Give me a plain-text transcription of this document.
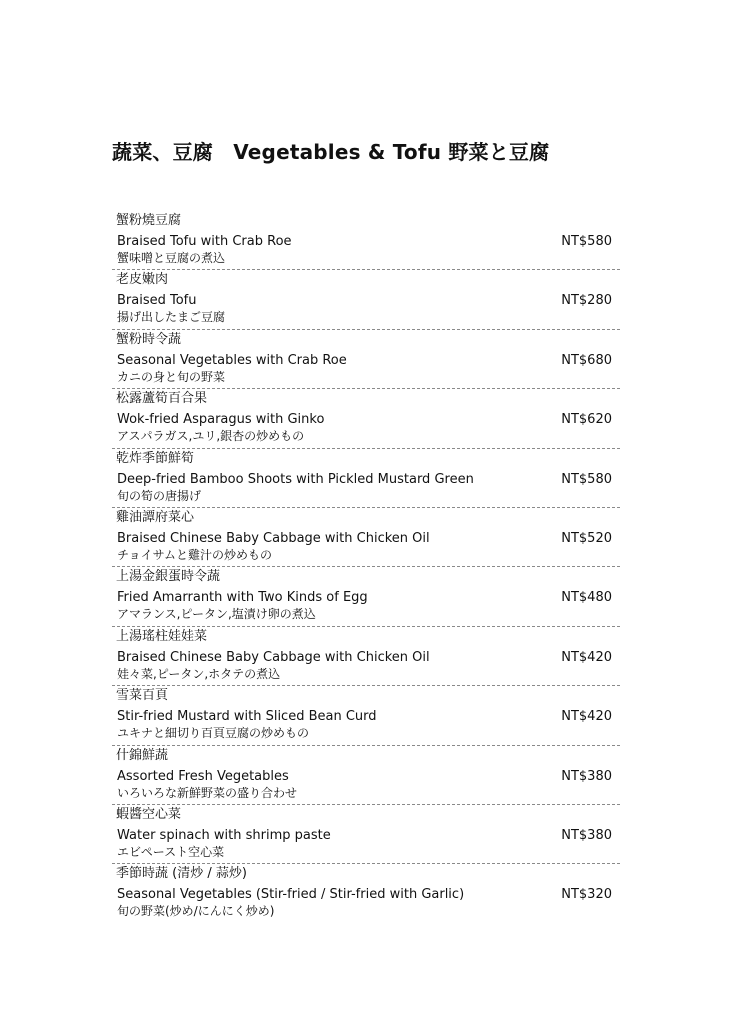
蔬菜、豆腐　Vegetables & Tofu 野菜と豆腐
蟹粉燒豆腐
Braised Tofu with Crab Roe	NT$580
蟹味噌と豆腐の煮込
老皮嫩肉
Braised Tofu	NT$280
揚げ出したまご豆腐
蟹粉時令蔬
Seasonal Vegetables with Crab Roe	NT$680
カニの身と旬の野菜
松露蘆筍百合果
Wok-fried Asparagus with Ginko	NT$620
アスパラガス,ユリ,銀杏の炒めもの
乾炸季節鮮筍
Deep-fried Bamboo Shoots with Pickled Mustard Green	NT$580
旬の筍の唐揚げ
雞油譚府菜心
Braised Chinese Baby Cabbage with Chicken Oil	NT$520
チョイサムと雞汁の炒めもの
上湯金銀蛋時令蔬
Fried Amarranth with Two Kinds of Egg	NT$480
アマランス,ピータン,塩漬け卵の煮込
上湯瑤柱娃娃菜
Braised Chinese Baby Cabbage with Chicken Oil	NT$420
娃々菜,ピータン,ホタテの煮込
雪菜百頁
Stir-fried Mustard with Sliced Bean Curd	NT$420
ユキナと細切り百頁豆腐の炒めもの
什錦鮮蔬
Assorted Fresh Vegetables	NT$380
いろいろな新鮮野菜の盛り合わせ
蝦醬空心菜
Water spinach with shrimp paste	NT$380
エビペースト空心菜
季節時蔬 (清炒 / 蒜炒)
Seasonal Vegetables (Stir-fried / Stir-fried with Garlic)	NT$320
旬の野菜(炒め/にんにく炒め)
